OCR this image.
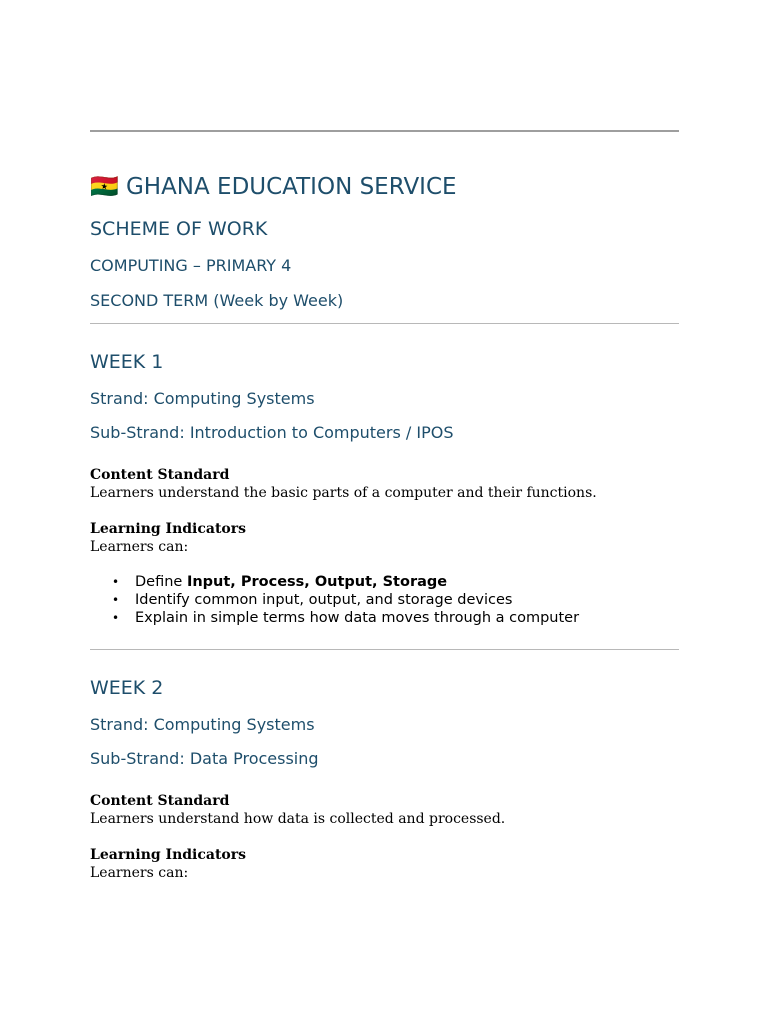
🇬🇭 GHANA EDUCATION SERVICE
SCHEME OF WORK
COMPUTING – PRIMARY 4
SECOND TERM (Week by Week)
WEEK 1
Strand: Computing Systems
Sub-Strand: Introduction to Computers / IPOS
Content Standard
Learners understand the basic parts of a computer and their functions.
Learning Indicators
Learners can:
• Define Input, Process, Output, Storage
• Identify common input, output, and storage devices
• Explain in simple terms how data moves through a computer
WEEK 2
Strand: Computing Systems
Sub-Strand: Data Processing
Content Standard
Learners understand how data is collected and processed.
Learning Indicators
Learners can:
